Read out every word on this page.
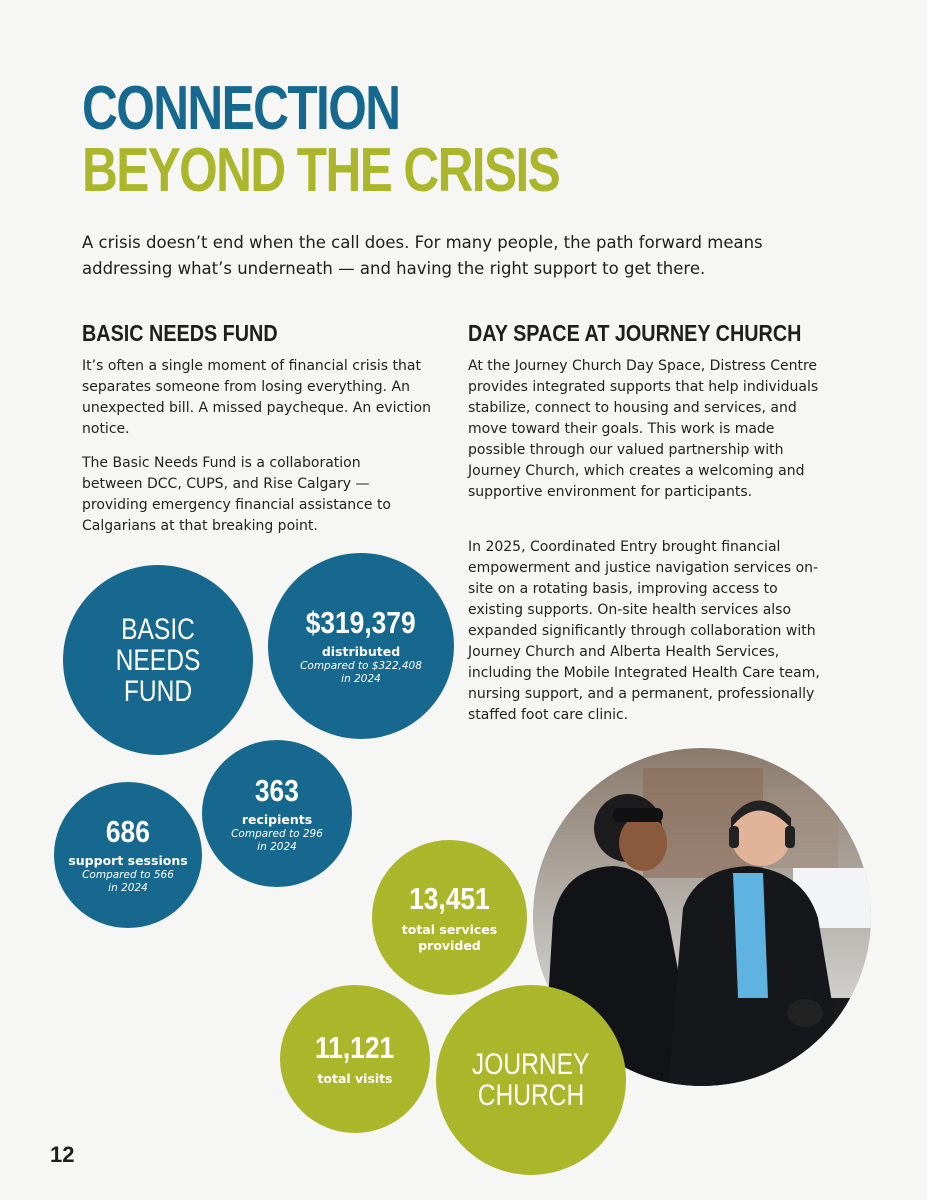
CONNECTION
BEYOND THE CRISIS

A crisis doesn’t end when the call does. For many people, the path forward means addressing what’s underneath — and having the right support to get there.

BASIC NEEDS FUND

It’s often a single moment of financial crisis that separates someone from losing everything. An unexpected bill. A missed paycheque. An eviction notice.

The Basic Needs Fund is a collaboration between DCC, CUPS, and Rise Calgary — providing emergency financial assistance to Calgarians at that breaking point.

DAY SPACE AT JOURNEY CHURCH

At the Journey Church Day Space, Distress Centre provides integrated supports that help individuals stabilize, connect to housing and services, and move toward their goals. This work is made possible through our valued partnership with Journey Church, which creates a welcoming and supportive environment for participants.

In 2025, Coordinated Entry brought financial empowerment and justice navigation services on-site on a rotating basis, improving access to existing supports. On-site health services also expanded significantly through collaboration with Journey Church and Alberta Health Services, including the Mobile Integrated Health Care team, nursing support, and a permanent, professionally staffed foot care clinic.

BASIC
NEEDS FUND
$319,379
distributed
Compared to $322,408
in 2024
363
recipients
Compared to 296
in 2024
686
support sessions
Compared to 566
in 2024	13,451
total services
provided
11,121
total visits	JOURNEY
CHURCH
12
